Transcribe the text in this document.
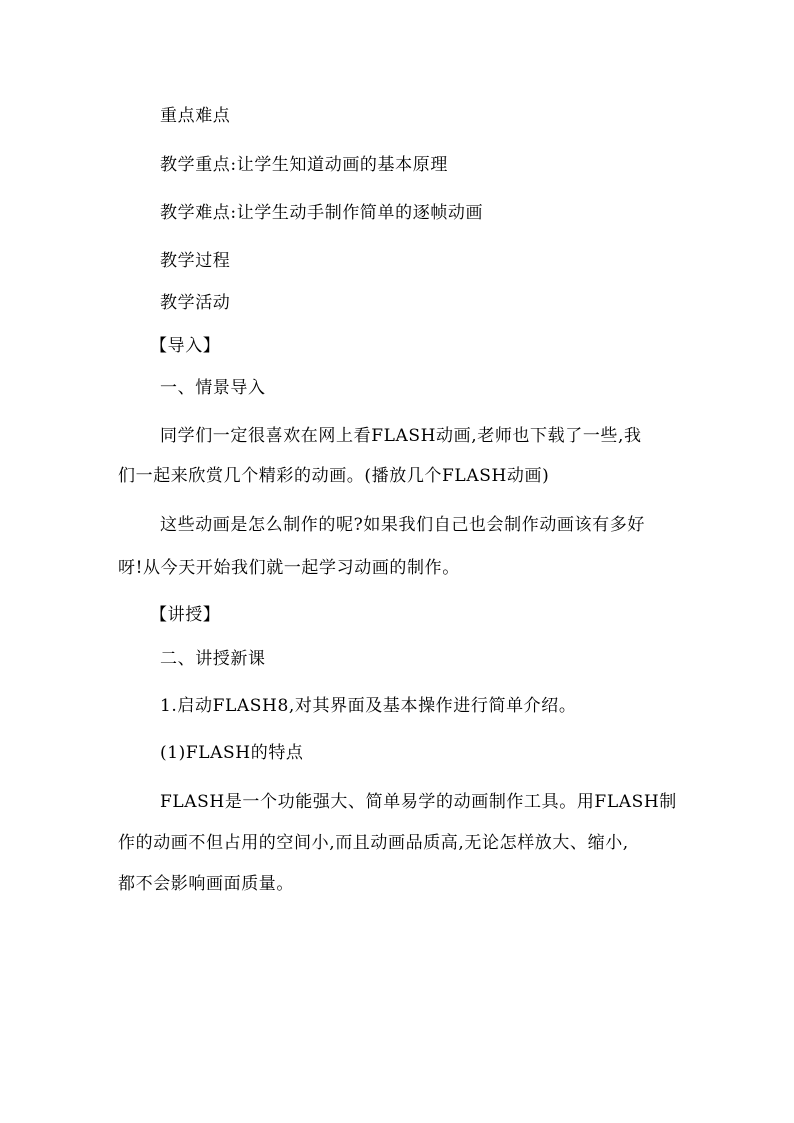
重点难点
教学重点:让学生知道动画的基本原理
教学难点:让学生动手制作简单的逐帧动画
教学过程
教学活动
【导入】
一、情景导入
同学们一定很喜欢在网上看FLASH动画,老师也下载了一些,我
们一起来欣赏几个精彩的动画。(播放几个FLASH动画)
这些动画是怎么制作的呢?如果我们自己也会制作动画该有多好
呀!从今天开始我们就一起学习动画的制作。
【讲授】
二、讲授新课
1.启动FLASH8,对其界面及基本操作进行简单介绍。
(1)FLASH的特点
FLASH是一个功能强大、简单易学的动画制作工具。用FLASH制
作的动画不但占用的空间小,而且动画品质高,无论怎样放大、缩小,
都不会影响画面质量。
